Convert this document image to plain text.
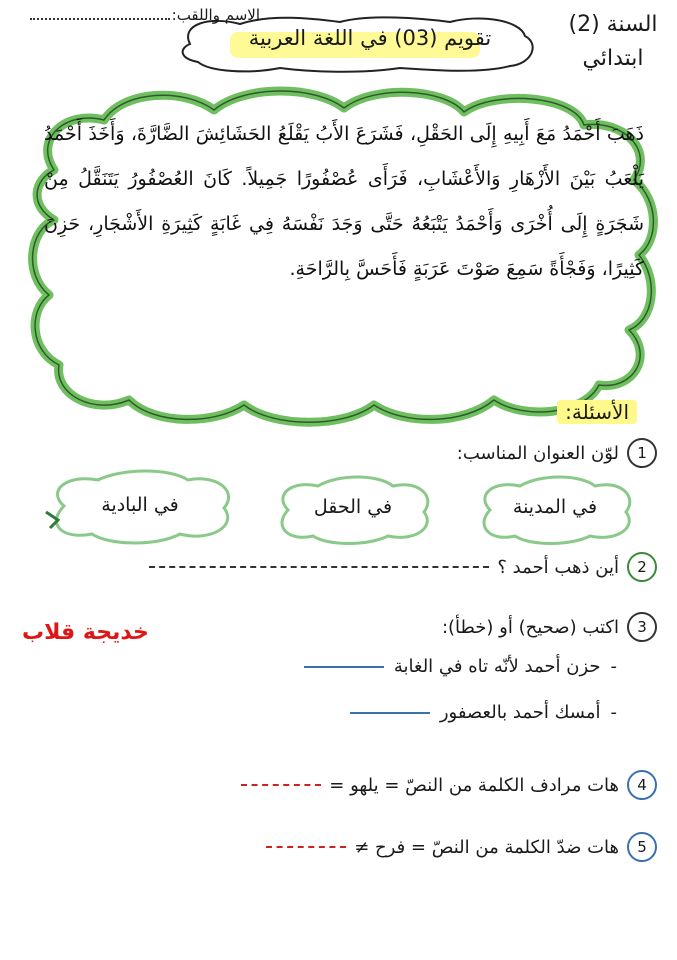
السنة (2)
ابتدائي
تقويم (03) في اللغة العربية
الاسم واللقب:
ذَهَبَ أَحْمَدُ مَعَ أَبِيهِ إِلَى الحَقْلِ، فَشَرَعَ الأَبُ يَقْلَعُ الحَشَائِشَ الضَّارَّةَ، وَأَخَذَ أَحْمَدُ يَلْعَبُ بَيْنَ الأَزْهَارِ وَالأَعْشَابِ، فَرَأَى عُصْفُورًا جَمِيلاً. كَانَ العُصْفُورُ يَتَنَقَّلُ مِنْ شَجَرَةٍ إِلَى أُخْرَى وَأَحْمَدُ يَتْبَعُهُ حَتَّى وَجَدَ نَفْسَهُ فِي غَابَةٍ كَثِيرَةِ الأَشْجَارِ، حَزِنَ كَثِيرًا، وَفَجْأَةً سَمِعَ صَوْتَ عَرَبَةٍ فَأَحَسَّ بِالرَّاحَةِ.
الأسئلة:
1
لوّن العنوان المناسب:
في المدينة
في الحقل
في البادية
2
أين ذهب أحمد ؟
3
اكتب (صحيح) أو (خطأ):
خديجة قلاب
-
حزن أحمد لأنّه تاه في الغابة
-
أمسك أحمد بالعصفور
4
هات مرادف الكلمة من النصّ = يلهو =
5
هات ضدّ الكلمة من النصّ = فرح ≠
